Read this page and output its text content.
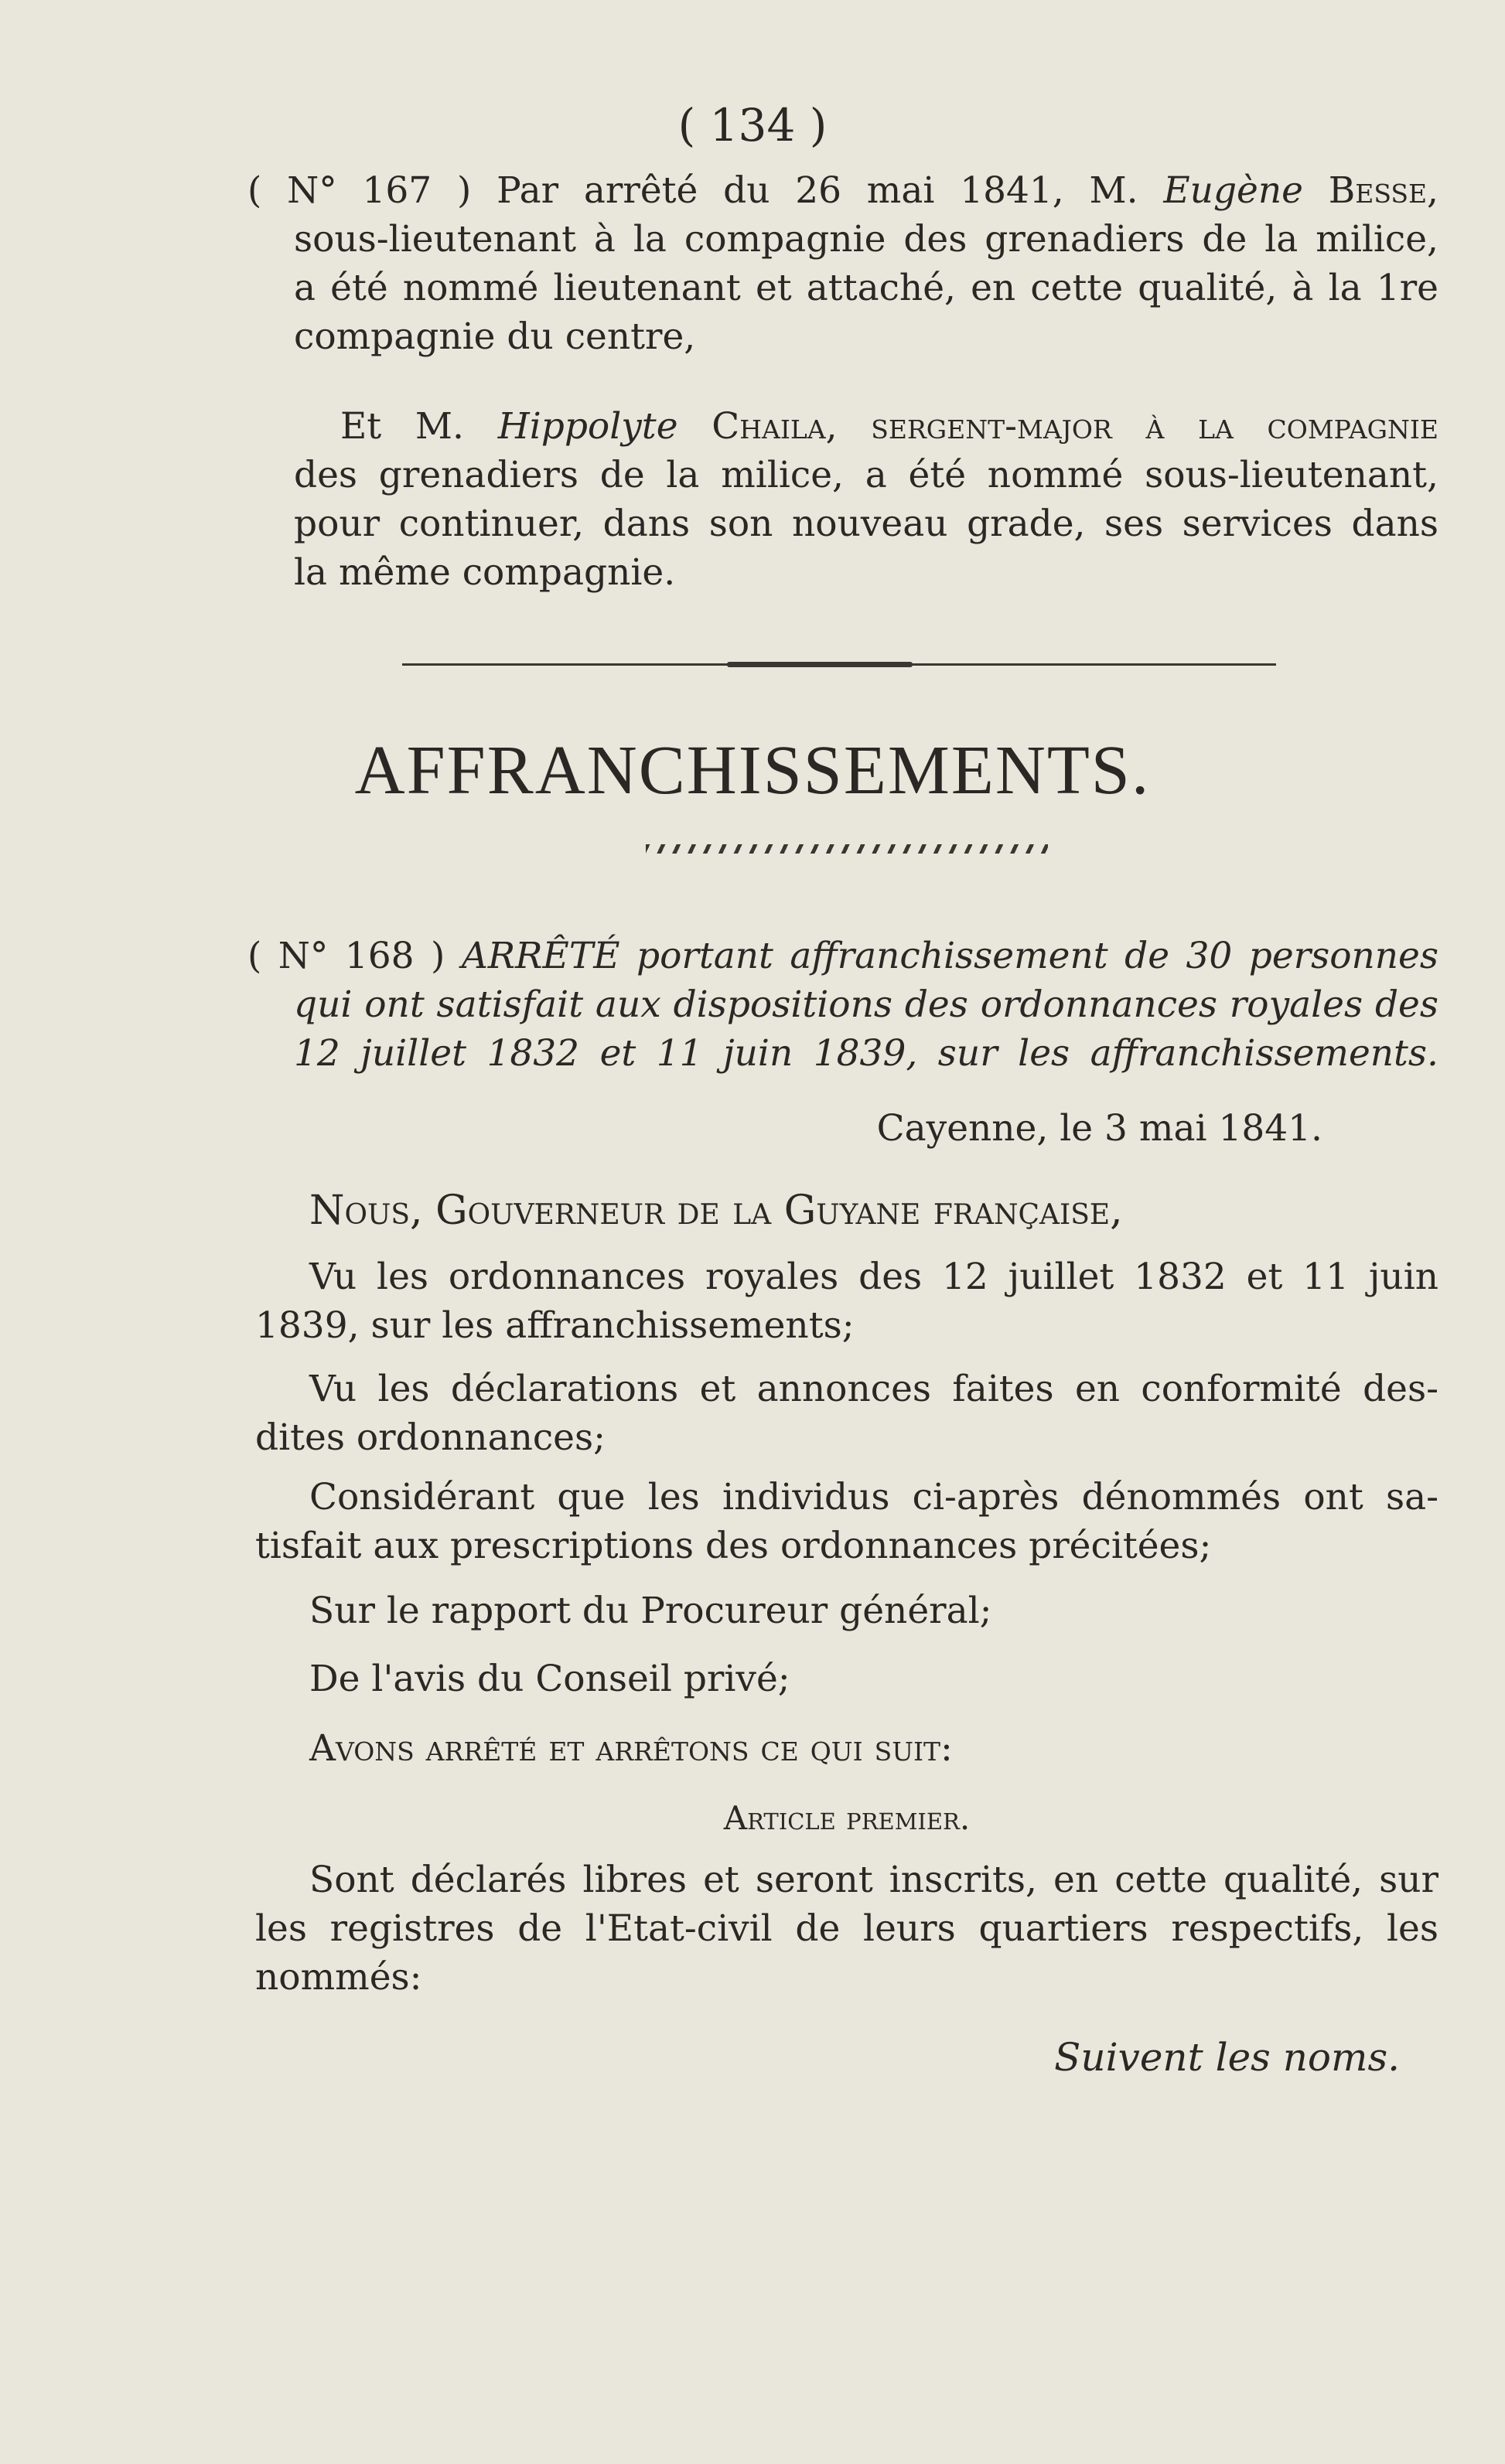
( 134 )
( N° 167 ) Par arrêté du 26 mai 1841, M. Eugène Besse,
sous-lieutenant à la compagnie des grenadiers de la milice,
a été nommé lieutenant et attaché, en cette qualité, à la 1re
compagnie du centre,
Et M. Hippolyte Chaila, sergent-major à la compagnie
des grenadiers de la milice, a été nommé sous-lieutenant,
pour continuer, dans son nouveau grade, ses services dans
la même compagnie.
AFFRANCHISSEMENTS.
( N° 168 ) ARRÊTÉ portant affranchissement de 30 personnes
qui ont satisfait aux dispositions des ordonnances royales des
12 juillet 1832 et 11 juin 1839, sur les affranchissements.
Cayenne, le 3 mai 1841.
Nous, Gouverneur de la Guyane française,
Vu les ordonnances royales des 12 juillet 1832 et 11 juin
1839, sur les affranchissements;
Vu les déclarations et annonces faites en conformité des-
dites ordonnances;
Considérant que les individus ci-après dénommés ont sa-
tisfait aux prescriptions des ordonnances précitées;
Sur le rapport du Procureur général;
De l'avis du Conseil privé;
Avons arrêté et arrêtons ce qui suit:
Article premier.
Sont déclarés libres et seront inscrits, en cette qualité, sur
les registres de l'Etat-civil de leurs quartiers respectifs, les
nommés:
Suivent les noms.
